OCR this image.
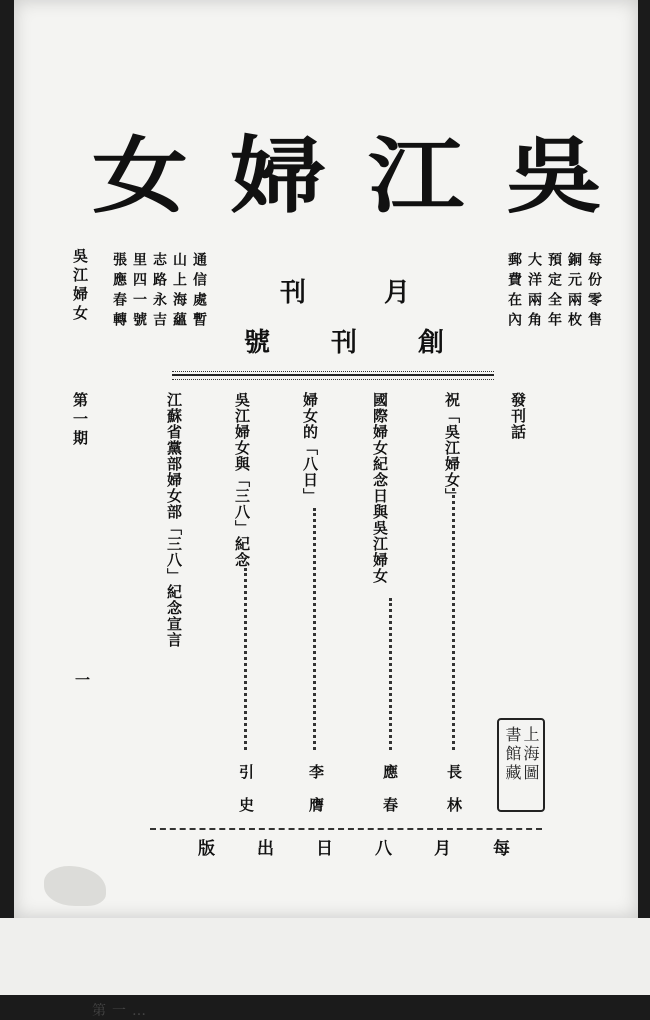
第一…
吳
江
婦
女
吳江婦女
第一期
一
通信處暫
山上海蘊
志路永吉
里四一號
張應春轉	每份零售
銅元兩枚
預定全年
大洋兩角
郵費在內
月
刊
創
刊
號
發刊話
祝「吳江婦女」
長林
國際婦女紀念日與吳江婦女
應春
婦女的「八日」
李膺
吳江婦女與「三八」紀念
引史
江蘇省黨部婦女部「三八」紀念宣言
上海圖
書館藏
每
月
八
日
出
版
